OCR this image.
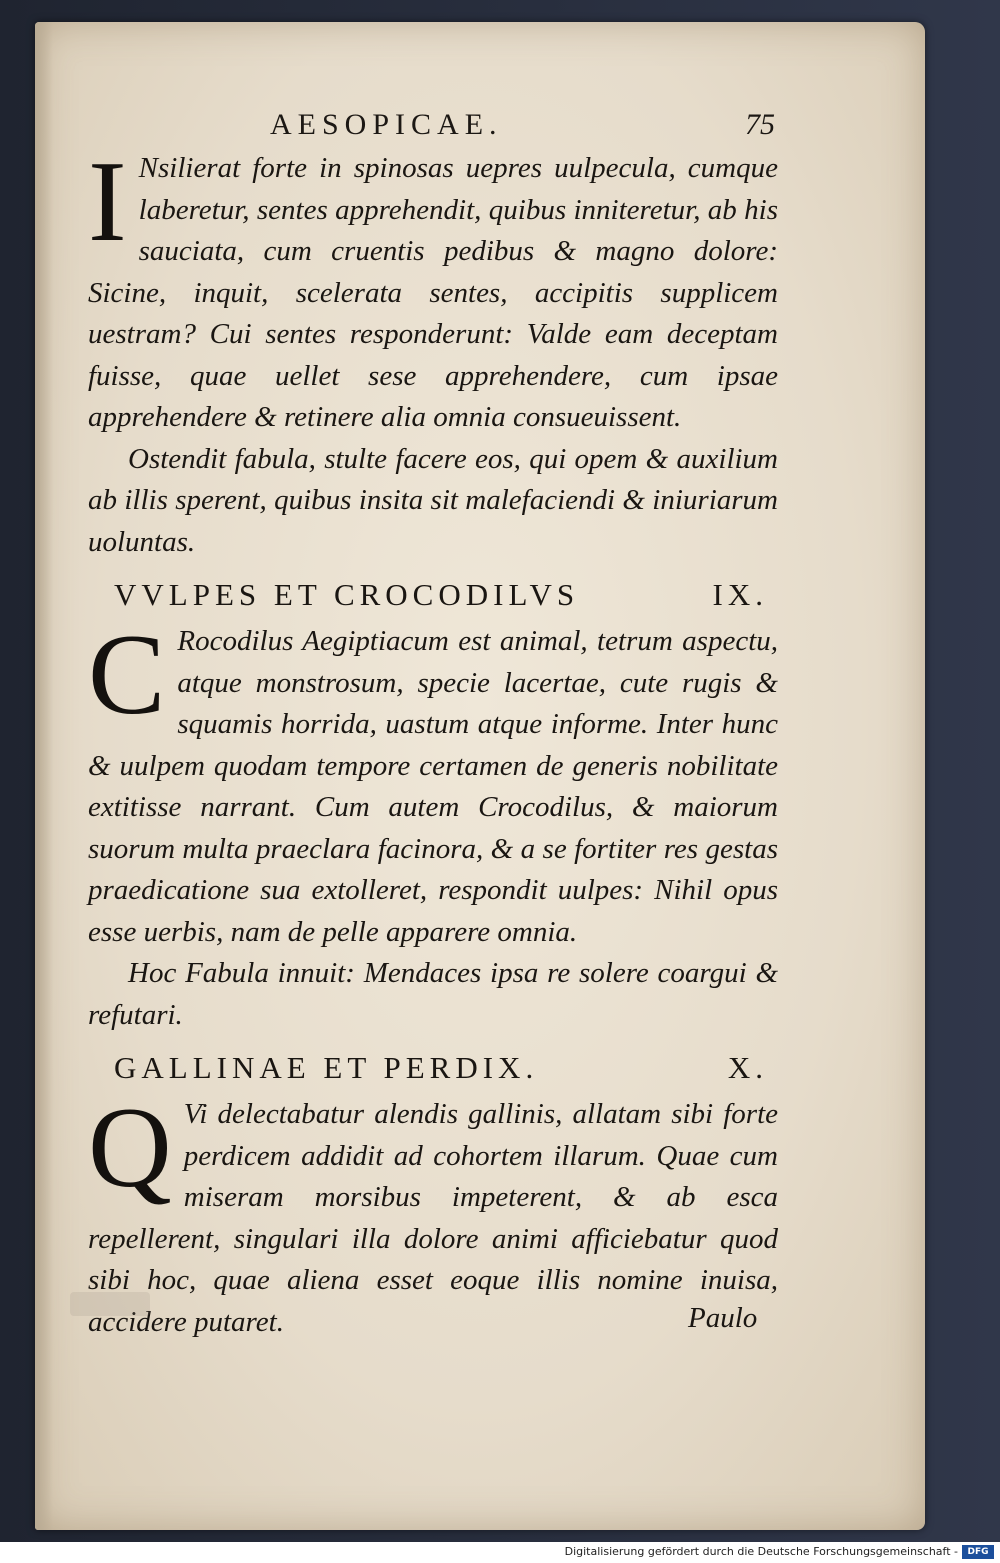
AESOPICAE.	75

I Nsilierat forte in spinosas uepres uulpecula, cumque laberetur, sentes apprehendit, quibus inniteretur, ab his sauciata, cum cruentis pedibus & magno dolore: Sicine, inquit, scelerata sentes, accipitis supplicem uestram? Cui sentes responderunt: Valde eam deceptam fuisse, quae uellet sese apprehendere, cum ipsae apprehendere & retinere alia omnia consueuissent.

Ostendit fabula, stulte facere eos, qui opem & auxilium ab illis sperent, quibus insita sit malefaciendi & iniuriarum uoluntas.

VVLPES ET CROCODILVS	IX.

C Rocodilus Aegiptiacum est animal, tetrum aspectu, atque monstrosum, specie lacertae, cute rugis & squamis horrida, uastum atque informe. Inter hunc & uulpem quodam tempore certamen de generis nobilitate extitisse narrant. Cum autem Crocodilus, & maiorum suorum multa praeclara facinora, & a se fortiter res gestas praedicatione sua extolleret, respondit uulpes: Nihil opus esse uerbis, nam de pelle apparere omnia.

Hoc Fabula innuit: Mendaces ipsa re solere coargui & refutari.

GALLINAE ET PERDIX.	X.

Q Vi delectabatur alendis gallinis, allatam sibi forte perdicem addidit ad cohortem illarum. Quae cum miseram morsibus impeterent, & ab esca repellerent, singulari illa dolore animi afficiebatur quod sibi hoc, quae aliena esset eoque illis nomine inuisa, accidere putaret.	Paulo
Digitalisierung gefördert durch die Deutsche Forschungsgemeinschaft -	DFG
